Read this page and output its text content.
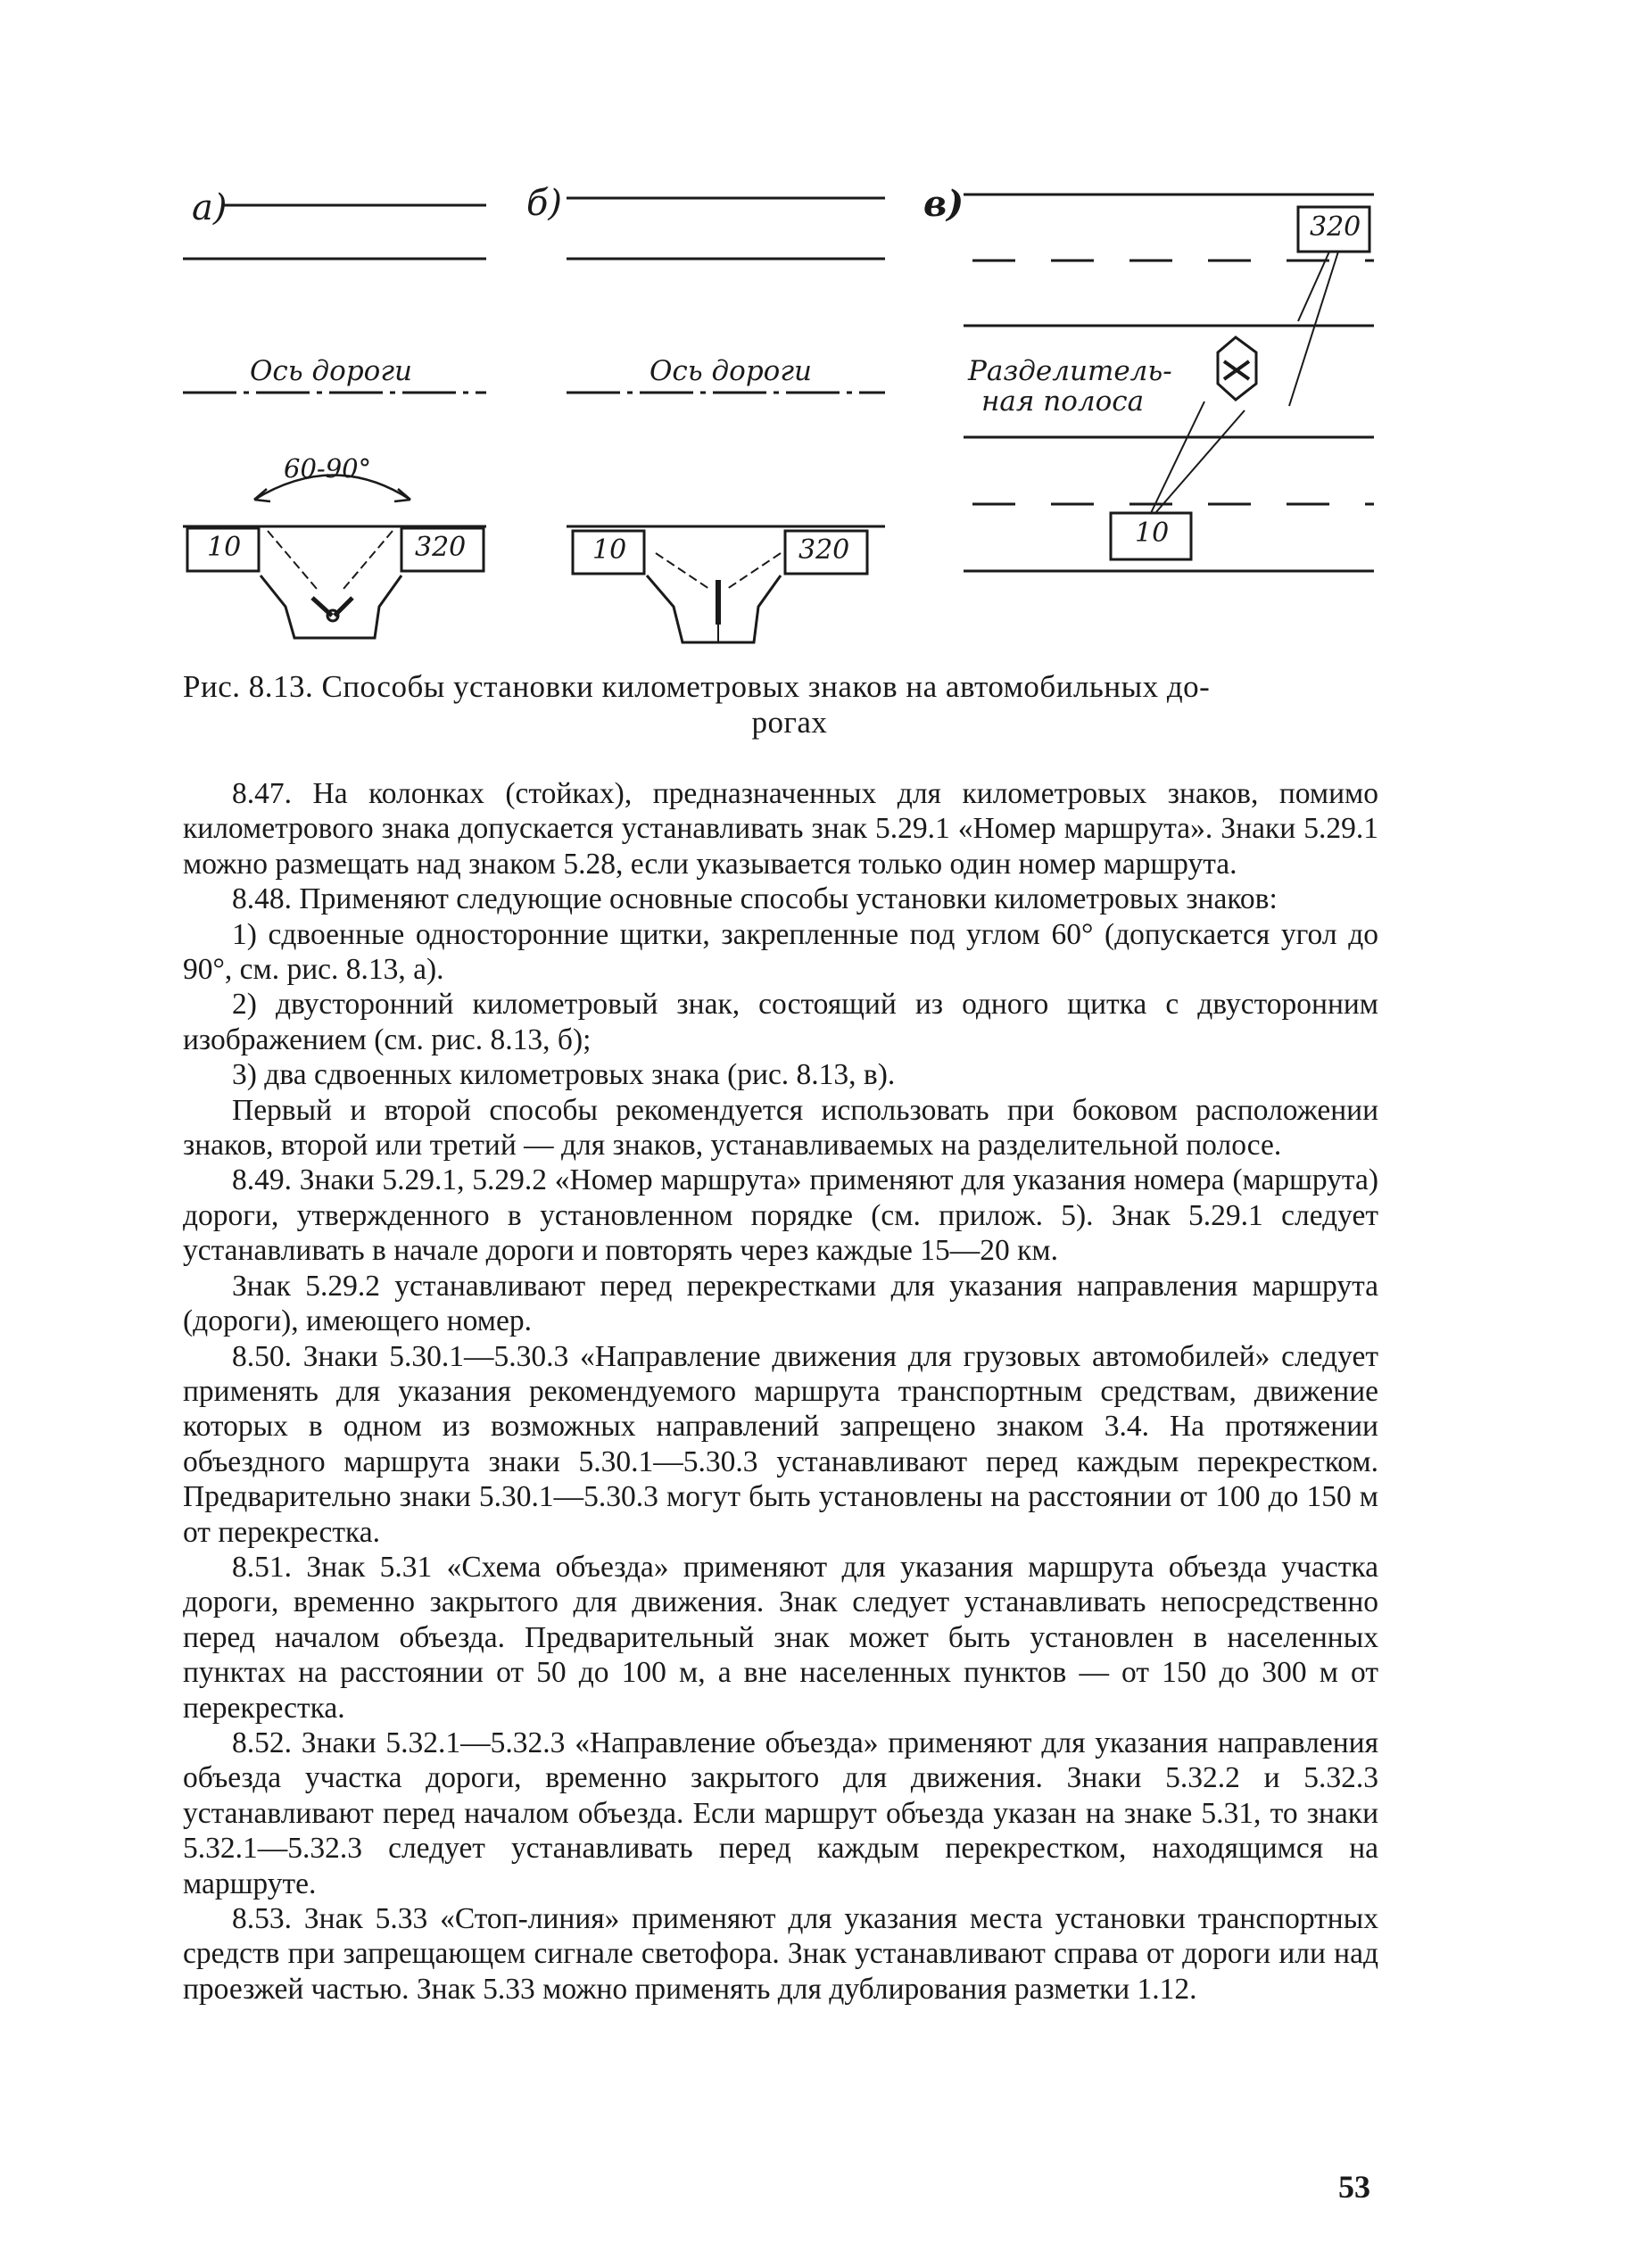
а)	б)	в)
Ось дороги	Ось дороги
60-90°
Разделитель-
ная полоса
10	320	10	320
320
10
Рис. 8.13. Способы установки километровых знаков на автомобильных до-
рогах

8.47. На колонках (стойках), предназначенных для километровых знаков, помимо километрового знака допускается устанавливать знак 5.29.1 «Номер маршрута». Знаки 5.29.1 можно размещать над знаком 5.28, если указывается только один номер маршрута.

8.48. Применяют следующие основные способы установки километровых знаков:

1) сдвоенные односторонние щитки, закрепленные под углом 60° (допускается угол до 90°, см. рис. 8.13, а).

2) двусторонний километровый знак, состоящий из одного щитка с двусторонним изображением (см. рис. 8.13, б);

3) два сдвоенных километровых знака (рис. 8.13, в).

Первый и второй способы рекомендуется использовать при боковом расположении знаков, второй или третий — для знаков, устанавливаемых на разделительной полосе.

8.49. Знаки 5.29.1, 5.29.2 «Номер маршрута» применяют для указания номера (маршрута) дороги, утвержденного в установленном порядке (см. прилож. 5). Знак 5.29.1 следует устанавливать в начале дороги и повторять через каждые 15—20 км.

Знак 5.29.2 устанавливают перед перекрестками для указания направления маршрута (дороги), имеющего номер.

8.50. Знаки 5.30.1—5.30.3 «Направление движения для грузовых автомобилей» следует применять для указания рекомендуемого маршрута транспортным средствам, движение которых в одном из возможных направлений запрещено знаком 3.4. На протяжении объездного маршрута знаки 5.30.1—5.30.3 устанавливают перед каждым перекрестком. Предварительно знаки 5.30.1—5.30.3 могут быть установлены на расстоянии от 100 до 150 м от перекрестка.

8.51. Знак 5.31 «Схема объезда» применяют для указания маршрута объезда участка дороги, временно закрытого для движения. Знак следует устанавливать непосредственно перед началом объезда. Предварительный знак может быть установлен в населенных пунктах на расстоянии от 50 до 100 м, а вне населенных пунктов — от 150 до 300 м от перекрестка.

8.52. Знаки 5.32.1—5.32.3 «Направление объезда» применяют для указания направления объезда участка дороги, временно закрытого для движения. Знаки 5.32.2 и 5.32.3 устанавливают перед началом объезда. Если маршрут объезда указан на знаке 5.31, то знаки 5.32.1—5.32.3 следует устанавливать перед каждым перекрестком, находящимся на маршруте.

8.53. Знак 5.33 «Стоп-линия» применяют для указания места установки транспортных средств при запрещающем сигнале светофора. Знак устанавливают справа от дороги или над проезжей частью. Знак 5.33 можно применять для дублирования разметки 1.12.

53
